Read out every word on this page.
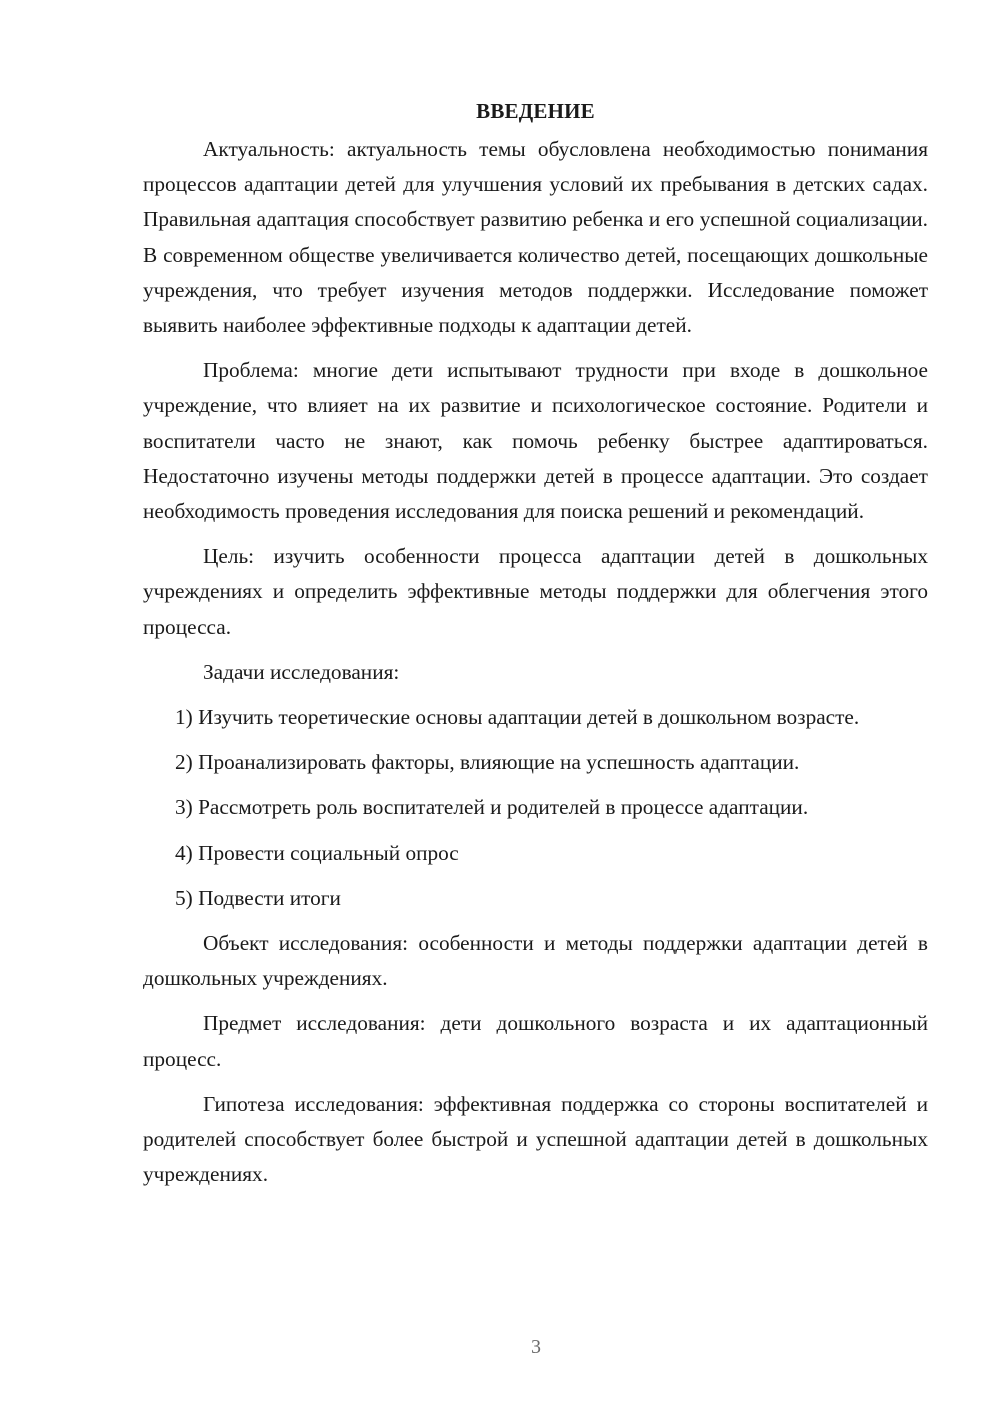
ВВЕДЕНИЕ

Актуальность: актуальность темы обусловлена необходимостью понимания процессов адаптации детей для улучшения условий их пребывания в детских садах. Правильная адаптация способствует развитию ребенка и его успешной социализации. В современном обществе увеличивается количество детей, посещающих дошкольные учреждения, что требует изучения методов поддержки. Исследование поможет выявить наиболее эффективные подходы к адаптации детей.

Проблема: многие дети испытывают трудности при входе в дошкольное учреждение, что влияет на их развитие и психологическое состояние. Родители и воспитатели часто не знают, как помочь ребенку быстрее адаптироваться. Недостаточно изучены методы поддержки детей в процессе адаптации. Это создает необходимость проведения исследования для поиска решений и рекомендаций.

Цель: изучить особенности процесса адаптации детей в дошкольных учреждениях и определить эффективные методы поддержки для облегчения этого процесса.

Задачи исследования:

1) Изучить теоретические основы адаптации детей в дошкольном возрасте.

2) Проанализировать факторы, влияющие на успешность адаптации.

3) Рассмотреть роль воспитателей и родителей в процессе адаптации.

4) Провести социальный опрос

5) Подвести итоги

Объект исследования: особенности и методы поддержки адаптации детей в дошкольных учреждениях.

Предмет исследования: дети дошкольного возраста и их адаптационный процесс.

Гипотеза исследования: эффективная поддержка со стороны воспитателей и родителей способствует более быстрой и успешной адаптации детей в дошкольных учреждениях.

3
